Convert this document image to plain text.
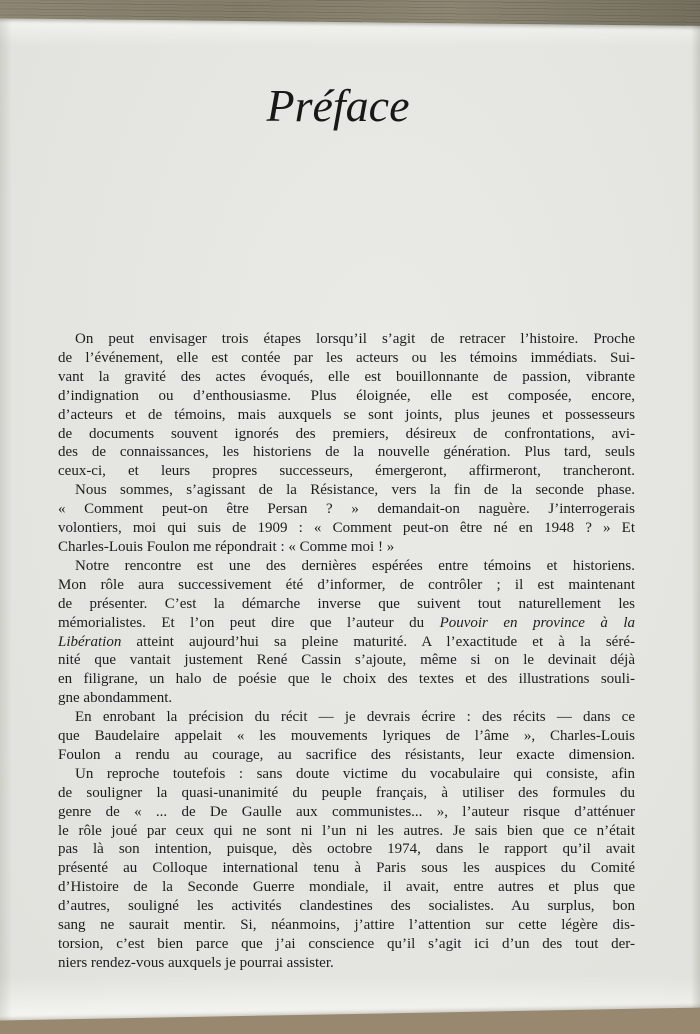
Préface
On peut envisager trois étapes lorsqu’il s’agit de retracer l’histoire. Proche
de l’événement, elle est contée par les acteurs ou les témoins immédiats. Sui-
vant la gravité des actes évoqués, elle est bouillonnante de passion, vibrante
d’indignation ou d’enthousiasme. Plus éloignée, elle est composée, encore,
d’acteurs et de témoins, mais auxquels se sont joints, plus jeunes et possesseurs
de documents souvent ignorés des premiers, désireux de confrontations, avi-
des de connaissances, les historiens de la nouvelle génération. Plus tard, seuls
ceux-ci, et leurs propres successeurs, émergeront, affirmeront, trancheront.
Nous sommes, s’agissant de la Résistance, vers la fin de la seconde phase.
« Comment peut-on être Persan ? » demandait-on naguère. J’interrogerais
volontiers, moi qui suis de 1909 : « Comment peut-on être né en 1948 ? » Et
Charles-Louis Foulon me répondrait : « Comme moi ! »
Notre rencontre est une des dernières espérées entre témoins et historiens.
Mon rôle aura successivement été d’informer, de contrôler ; il est maintenant
de présenter. C’est la démarche inverse que suivent tout naturellement les
mémorialistes. Et l’on peut dire que l’auteur du Pouvoir en province à la
Libération atteint aujourd’hui sa pleine maturité. A l’exactitude et à la séré-
nité que vantait justement René Cassin s’ajoute, même si on le devinait déjà
en filigrane, un halo de poésie que le choix des textes et des illustrations souli-
gne abondamment.
En enrobant la précision du récit — je devrais écrire : des récits — dans ce
que Baudelaire appelait « les mouvements lyriques de l’âme », Charles-Louis
Foulon a rendu au courage, au sacrifice des résistants, leur exacte dimension.
Un reproche toutefois : sans doute victime du vocabulaire qui consiste, afin
de souligner la quasi-unanimité du peuple français, à utiliser des formules du
genre de « ... de De Gaulle aux communistes... », l’auteur risque d’atténuer
le rôle joué par ceux qui ne sont ni l’un ni les autres. Je sais bien que ce n’était
pas là son intention, puisque, dès octobre 1974, dans le rapport qu’il avait
présenté au Colloque international tenu à Paris sous les auspices du Comité
d’Histoire de la Seconde Guerre mondiale, il avait, entre autres et plus que
d’autres, souligné les activités clandestines des socialistes. Au surplus, bon
sang ne saurait mentir. Si, néanmoins, j’attire l’attention sur cette légère dis-
torsion, c’est bien parce que j’ai conscience qu’il s’agit ici d’un des tout der-
niers rendez-vous auxquels je pourrai assister.
